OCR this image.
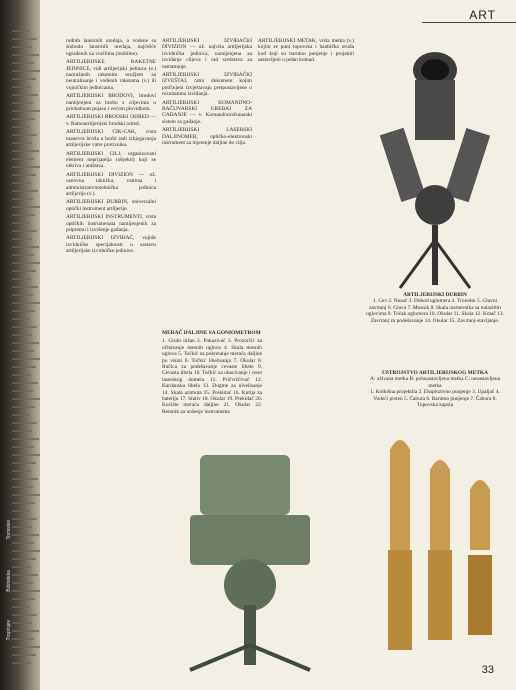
Tomislav
Biblioteka
Tropinjev
ART

rudnih lansirnih uredaja, a vodene sa slobodn lansirnih uredaja, najčešće ugrađenih na vozilima (mobilne).

ARTILJERIJSKE RAKETNE JEDINICE, vidi artiljerijski jedinica (v.) naoružanih raketnim oružjem za neutralisanje i vođenih raketama (v.) ili vojničkim jedinicama.

ARTILJERIJSKI BRODOVI, brodovi namijenjeni za borbu s ciljevima u priobalnom pojasu i većom plovidbom.

ARTILJERIJSKI BRODSKI ODRED — v. Ratnoartiljerijski brodski odred.

ARTILJERIJSKI CIK-CAK, vrsta manevra broda u borbi radi izbjegavanja artiljerijske vatre protivnika.

ARTILJERIJSKI CILJ, organizovani element neprijatelja (objekti) koji se otkriva i uništava.

ARTILJERIJSKI DIVIZION — ož. osnovna taktička, vatrena i administrativnotehnička jedinica artiljerije (v.).

ARTILJERIJSKI DURBIN, univerzalni optički instrument artiljerije.

ARTILJERIJSKI INSTRUMENTI, vrsta optičkih instrumenata namijenjenih za pripremu i izvršenje gađanja.

ARTILJERIJSKI IZVIĐAČ, vojnik izvidničke specijalnosti u sastavu artiljerijske izvidničke jedinice.

ARTILJERIJSKI IZVIĐAČKI DIVIZION — ož. najviša artiljerijska izvidnička jedinica, namijenjena za izviđanje ciljeva i rad sredstava za osmatranje.

ARTILJERIJSKI IZVIĐAČKI IZVEŠTAJ, ratni dokument kojim potčinjeni izvještavaju pretpostavljene o rezultatima izviđanja.

ARTILJERIJSKI KOMANDNO-RAČUNARSKI UREĐAJ ZA GAĐANJE — v. Komandnoračunarski sistem za gađanje.

ARTILJERIJSKI LASERSKI DALJINOMER, optičko-elektronski instrument za mjerenje daljine do cilja.

MERAČ DALJINE SA GONIOMETROM

1. Grubi nišan 2. Pokazivač 3. Prozorčić za očitavanje mesnih uglova 4. Skala mesnih uglova 5. Točkić za pokretanje merača daljine po visini 6. Točkić libelisanja 7. Okular 8. Ručica za podešavanje cevaste libele 9. Cevasta libela 10. Točkić za ubacivanje i reset laserskog dometa 11. Pričvršćivač 12. Kardanska libela 13. Dugme za nivelisanje 14. Skala azimuta 15. Prekidač 16. Kutija za bateriju 17. Stativ 18. Okular 19. Prekidač 20. Kućište merača daljine 21. Okular 22. Remnik za nošenje instrumenta

ARTILJERIJSKI METAK, vrsta metka (v.) kojim se puni topovska i haubička oruđa kod koji su barutno punjenje i projektil sastavljeni u jedan komad.

ARTILJERIJSKI DURBIN
1. Cev 2. Nosač 3. Dobod uglomera 4. Troredni 5. Glavni zavrtanj 6. Glava 7. Mosnik 8. Skala razmernika sa nalazitim uglovima 9. Točak uglomera 10. Okular 11. Skala 12. Kotač 13. Zavrtanj za podešavanje 14. Okular 15. Zavrtanj-stavljanje.
USTROJSTVO ARTILJERIJSKOG METKA
A: uživana metka B: polusastavljena metka C: nesastavljena metka
1. Kolkišna projektila 2. Eksplozivno punjenje 3. Upaljač 4. Vodeći prsten 5. Čahura 6. Barutno punjenje 7. Čahura 8. Topovska kapsla
33
